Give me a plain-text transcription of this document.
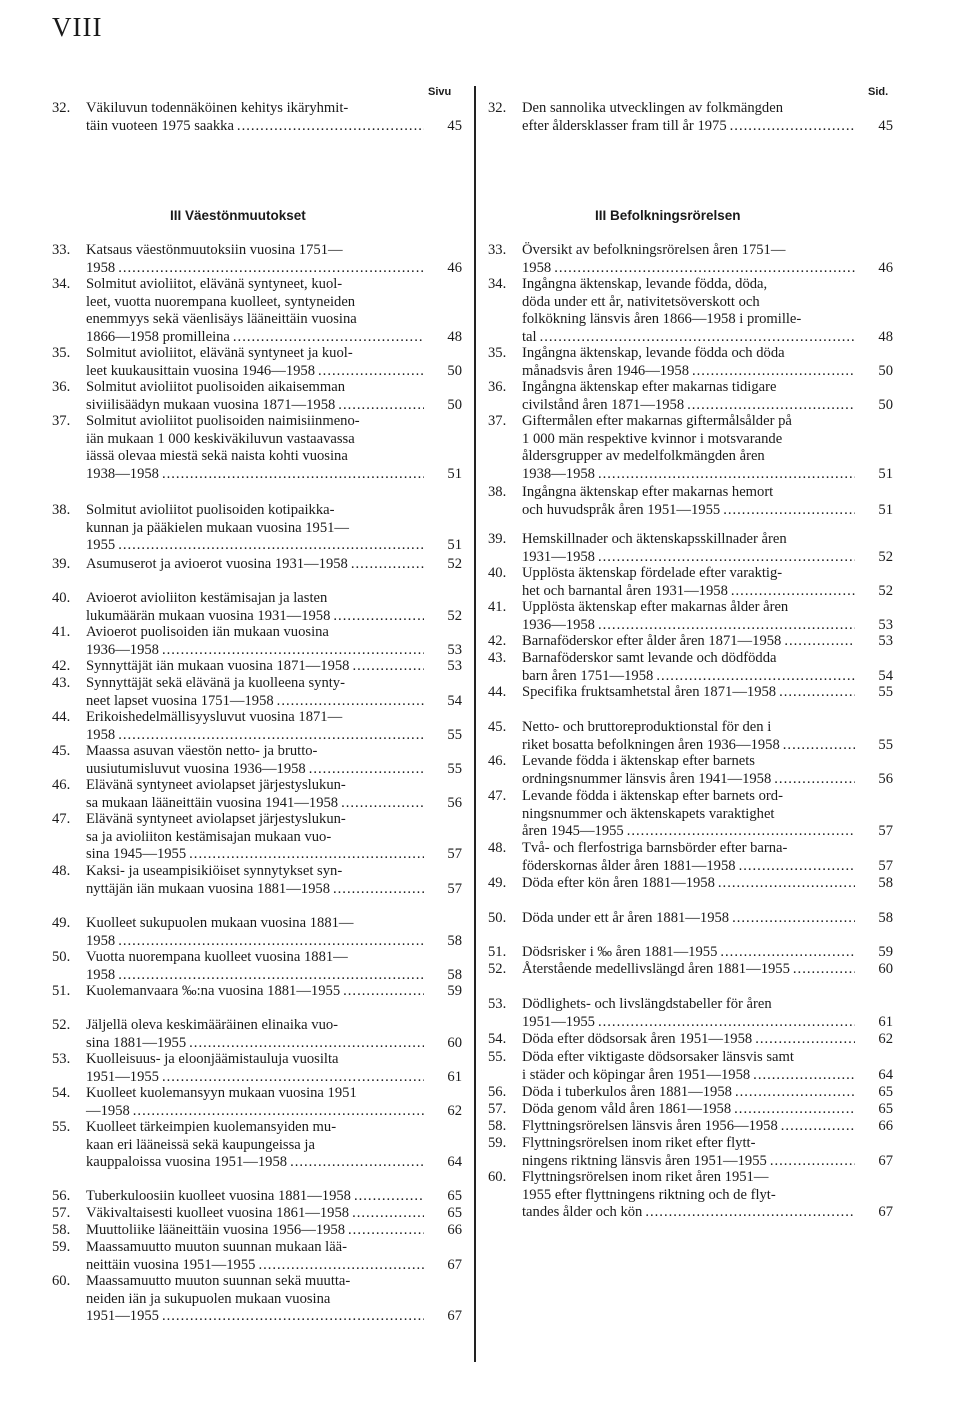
VIII
Sivu
III Väestönmuutokset
32.	Väkiluvun todennäköinen kehitys ikäryhmit-
täin vuoteen 1975 saakka .....	45
33.	Katsaus väestönmuutoksiin vuosina 1751—
1958 .....	46
34.	Solmitut avioliitot, elävänä syntyneet, kuol-
leet, vuotta nuorempana kuolleet, syntyneiden
enemmyys sekä väenlisäys lääneittäin vuosina
1866—1958 promilleina .....	48
35.	Solmitut avioliitot, elävänä syntyneet ja kuol-
leet kuukausittain vuosina 1946—1958 .....	50
36.	Solmitut avioliitot puolisoiden aikaisemman
siviilisäädyn mukaan vuosina 1871—1958 .....	50
37.	Solmitut avioliitot puolisoiden naimisiinmeno-
iän mukaan 1 000 keskiväkiluvun vastaavassa
iässä olevaa miestä sekä naista kohti vuosina
1938—1958 .....	51
38.	Solmitut avioliitot puolisoiden kotipaikka-
kunnan ja pääkielen mukaan vuosina 1951—
1955 .....	51
39.	Asumuserot ja avioerot vuosina 1931—1958 .....	52
40.	Avioerot avioliiton kestämisajan ja lasten
lukumäärän mukaan vuosina 1931—1958 .....	52
41.	Avioerot puolisoiden iän mukaan vuosina
1936—1958 .....	53
42.	Synnyttäjät iän mukaan vuosina 1871—1958 .....	53
43.	Synnyttäjät sekä elävänä ja kuolleena synty-
neet lapset vuosina 1751—1958 .....	54
44.	Erikoishedelmällisyysluvut vuosina 1871—
1958 .....	55
45.	Maassa asuvan väestön netto- ja brutto-
uusiutumisluvut vuosina 1936—1958 .....	55
46.	Elävänä syntyneet aviolapset järjestyslukun-
sa mukaan lääneittäin vuosina 1941—1958 .....	56
47.	Elävänä syntyneet aviolapset järjestyslukun-
sa ja avioliiton kestämisajan mukaan vuo-
sina 1945—1955 .....	57
48.	Kaksi- ja useampisikiöiset synnytykset syn-
nyttäjän iän mukaan vuosina 1881—1958 .....	57
49.	Kuolleet sukupuolen mukaan vuosina 1881—
1958 .....	58
50.	Vuotta nuorempana kuolleet vuosina 1881—
1958 .....	58
51.	Kuolemanvaara ‰:na vuosina 1881—1955 .....	59
52.	Jäljellä oleva keskimääräinen elinaika vuo-
sina 1881—1955 .....	60
53.	Kuolleisuus- ja eloonjäämistauluja vuosilta
1951—1955 .....	61
54.	Kuolleet kuolemansyyn mukaan vuosina 1951
—1958 .....	62
55.	Kuolleet tärkeimpien kuolemansyiden mu-
kaan eri lääneissä sekä kaupungeissa ja
kauppaloissa vuosina 1951—1958 .....	64
56.	Tuberkuloosiin kuolleet vuosina 1881—1958 .....	65
57.	Väkivaltaisesti kuolleet vuosina 1861—1958 .....	65
58.	Muuttoliike lääneittäin vuosina 1956—1958 .....	66
59.	Maassamuutto muuton suunnan mukaan lää-
neittäin vuosina 1951—1955 .....	67
60.	Maassamuutto muuton suunnan sekä muutta-
neiden iän ja sukupuolen mukaan vuosina
1951—1955 .....	67
Sid.
III Befolkningsrörelsen
32.	Den sannolika utvecklingen av folkmängden
efter åldersklasser fram till år 1975 .....	45
33.	Översikt av befolkningsrörelsen åren 1751—
1958 .....	46
34.	Ingångna äktenskap, levande födda, döda,
döda under ett år, nativitetsöverskott och
folkökning länsvis åren 1866—1958 i promille-
tal .....	48
35.	Ingångna äktenskap, levande födda och döda
månadsvis åren 1946—1958 .....	50
36.	Ingångna äktenskap efter makarnas tidigare
civilstånd åren 1871—1958 .....	50
37.	Giftermålen efter makarnas giftermålsålder på
1 000 män respektive kvinnor i motsvarande
åldersgrupper av medelfolkmängden åren
1938—1958 .....	51
38.	Ingångna äktenskap efter makarnas hemort
och huvudspråk åren 1951—1955 .....	51
39.	Hemskillnader och äktenskapsskillnader åren
1931—1958 .....	52
40.	Upplösta äktenskap fördelade efter varaktig-
het och barnantal åren 1931—1958 .....	52
41.	Upplösta äktenskap efter makarnas ålder åren
1936—1958 .....	53
42.	Barnaföderskor efter ålder åren 1871—1958 .....	53
43.	Barnaföderskor samt levande och dödfödda
barn åren 1751—1958 .....	54
44.	Specifika fruktsamhetstal åren 1871—1958 .....	55
45.	Netto- och bruttoreproduktionstal för den i
riket bosatta befolkningen åren 1936—1958 .....	55
46.	Levande födda i äktenskap efter barnets
ordningsnummer länsvis åren 1941—1958 .....	56
47.	Levande födda i äktenskap efter barnets ord-
ningsnummer och äktenskapets varaktighet
åren 1945—1955 .....	57
48.	Två- och flerfostriga barnsbörder efter barna-
föderskornas ålder åren 1881—1958 .....	57
49.	Döda efter kön åren 1881—1958 .....	58
50.	Döda under ett år åren 1881—1958 .....	58
51.	Dödsrisker i ‰ åren 1881—1955 .....	59
52.	Återstående medellivslängd åren 1881—1955 .....	60
53.	Dödlighets- och livslängdstabeller för åren
1951—1955 .....	61
54.	Döda efter dödsorsak åren 1951—1958 .....	62
55.	Döda efter viktigaste dödsorsaker länsvis samt
i städer och köpingar åren 1951—1958 .....	64
56.	Döda i tuberkulos åren 1881—1958 .....	65
57.	Döda genom våld åren 1861—1958 .....	65
58.	Flyttningsrörelsen länsvis åren 1956—1958 .....	66
59.	Flyttningsrörelsen inom riket efter flytt-
ningens riktning länsvis åren 1951—1955 .....	67
60.	Flyttningsrörelsen inom riket åren 1951—
1955 efter flyttningens riktning och de flyt-
tandes ålder och kön .....	67
